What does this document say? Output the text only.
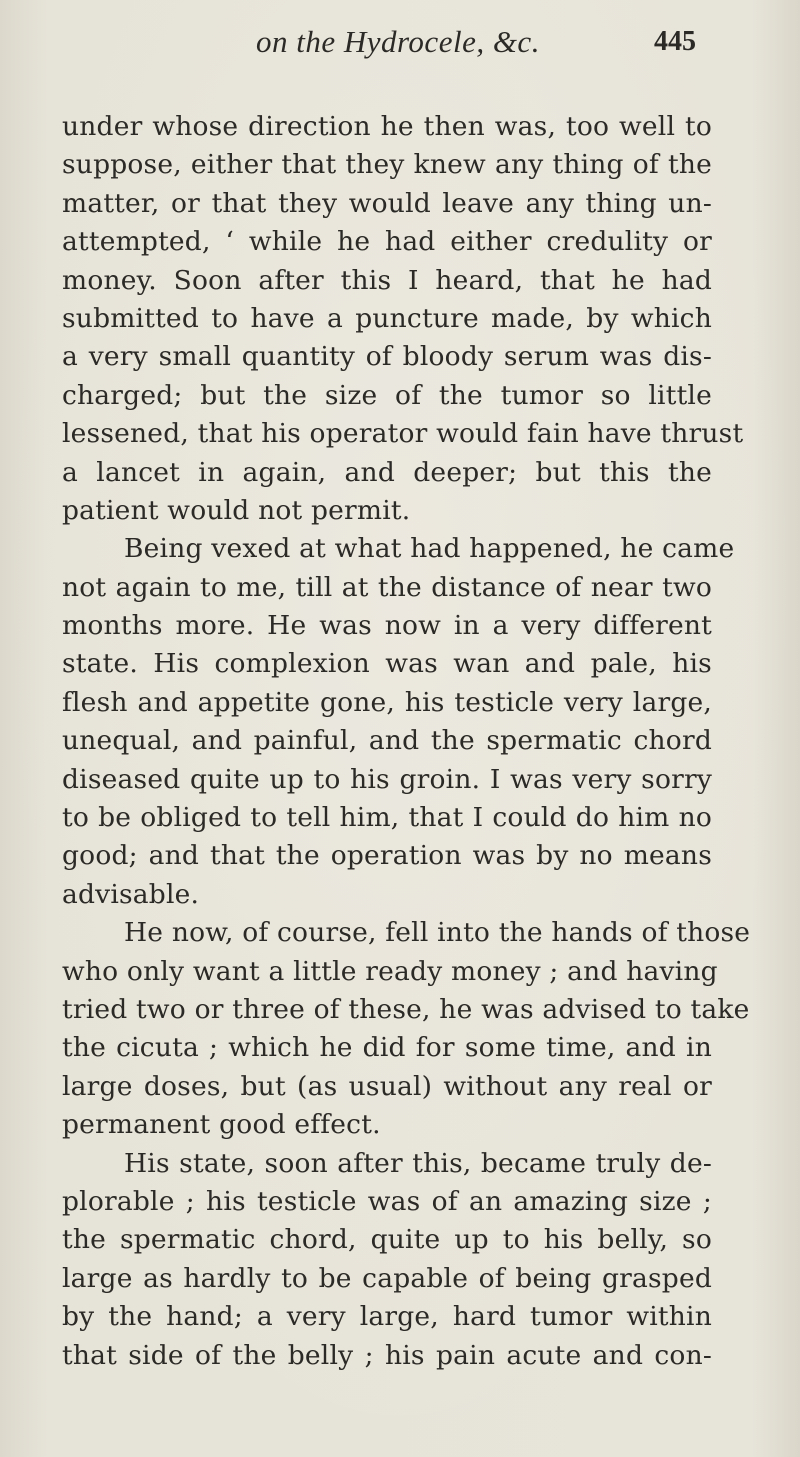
on the Hydrocele, &c.	445
under whose direction he then was, too well to
suppose, either that they knew any thing of the
matter, or that they would leave any thing un-
attempted, ‘ while he had either credulity or
money. Soon after this I heard, that he had
submitted to have a puncture made, by which
a very small quantity of bloody serum was dis-
charged; but the size of the tumor so little
lessened, that his operator would fain have thrust
a lancet in again, and deeper; but this the
patient would not permit.
Being vexed at what had happened, he came
not again to me, till at the distance of near two
months more. He was now in a very different
state. His complexion was wan and pale, his
flesh and appetite gone, his testicle very large,
unequal, and painful, and the spermatic chord
diseased quite up to his groin. I was very sorry
to be obliged to tell him, that I could do him no
good; and that the operation was by no means
advisable.
He now, of course, fell into the hands of those
who only want a little ready money ; and having
tried two or three of these, he was advised to take
the cicuta ; which he did for some time, and in
large doses, but (as usual) without any real or
permanent good effect.
His state, soon after this, became truly de-
plorable ; his testicle was of an amazing size ;
the spermatic chord, quite up to his belly, so
large as hardly to be capable of being grasped
by the hand; a very large, hard tumor within
that side of the belly ; his pain acute and con-
